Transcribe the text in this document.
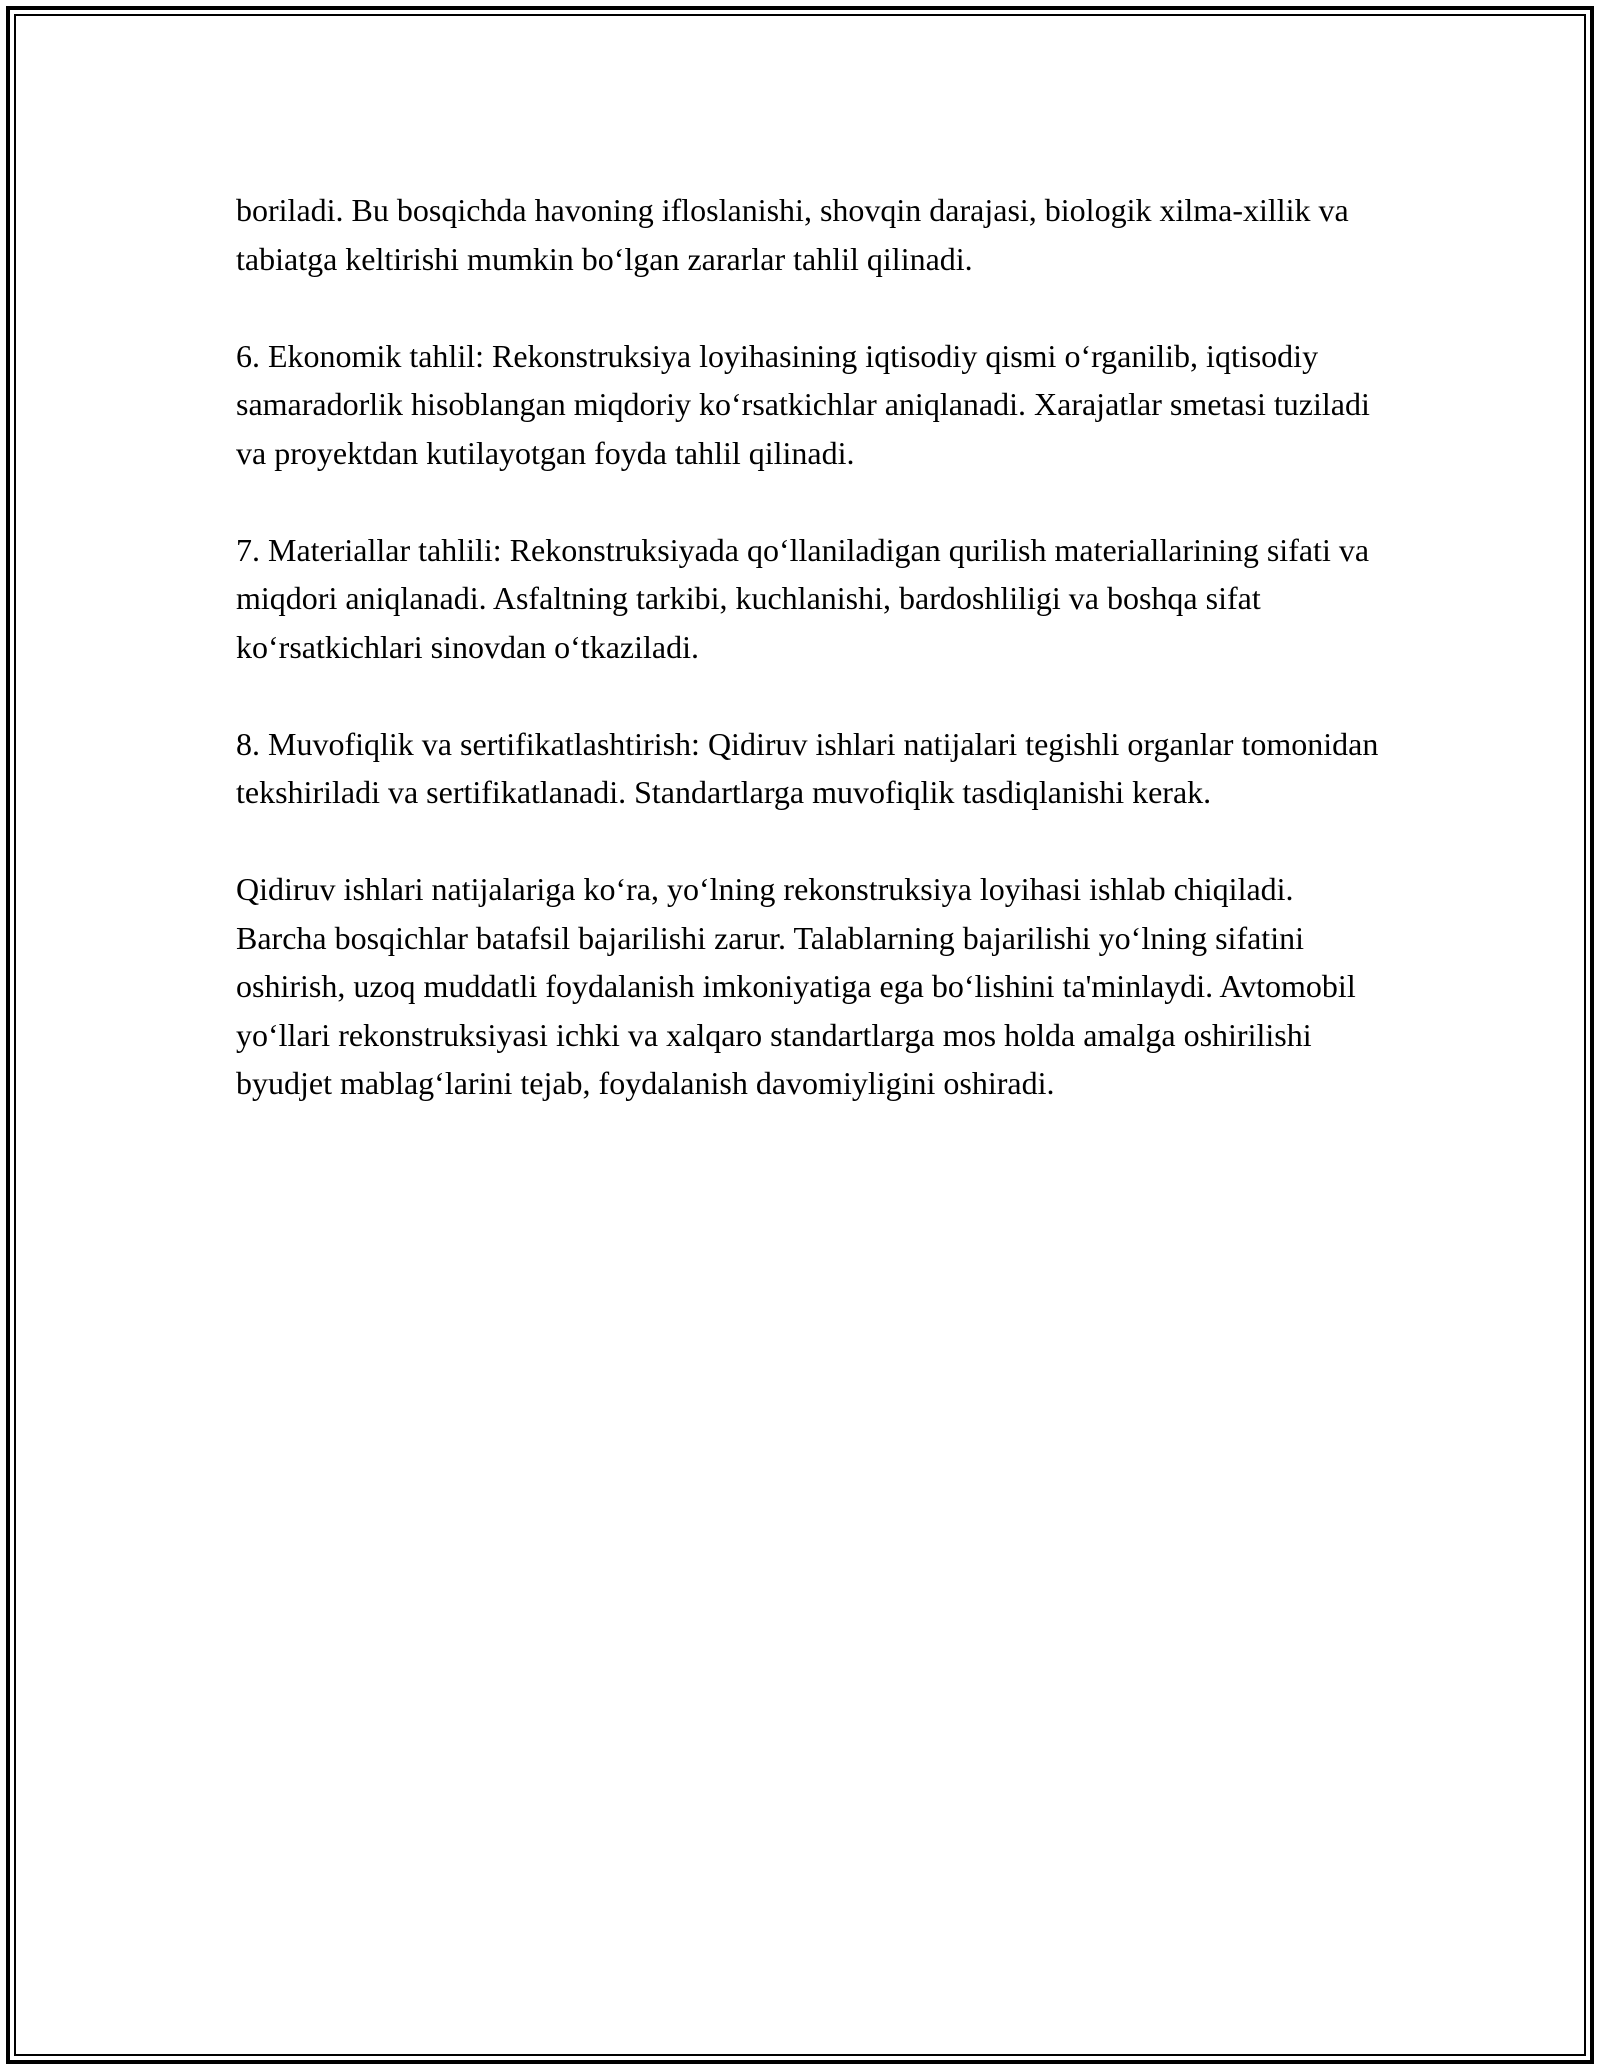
boriladi. Bu bosqichda havoning ifloslanishi, shovqin darajasi, biologik xilma-xillik va tabiatga keltirishi mumkin bo‘lgan zararlar tahlil qilinadi.

6. Ekonomik tahlil: Rekonstruksiya loyihasining iqtisodiy qismi o‘rganilib, iqtisodiy samaradorlik hisoblangan miqdoriy ko‘rsatkichlar aniqlanadi. Xarajatlar smetasi tuziladi va proyektdan kutilayotgan foyda tahlil qilinadi.

7. Materiallar tahlili: Rekonstruksiyada qo‘llaniladigan qurilish materiallarining sifati va miqdori aniqlanadi. Asfaltning tarkibi, kuchlanishi, bardoshliligi va boshqa sifat ko‘rsatkichlari sinovdan o‘tkaziladi.

8. Muvofiqlik va sertifikatlashtirish: Qidiruv ishlari natijalari tegishli organlar tomonidan tekshiriladi va sertifikatlanadi. Standartlarga muvofiqlik tasdiqlanishi kerak.

Qidiruv ishlari natijalariga ko‘ra, yo‘lning rekonstruksiya loyihasi ishlab chiqiladi. Barcha bosqichlar batafsil bajarilishi zarur. Talablarning bajarilishi yo‘lning sifatini oshirish, uzoq muddatli foydalanish imkoniyatiga ega bo‘lishini ta'minlaydi. Avtomobil yo‘llari rekonstruksiyasi ichki va xalqaro standartlarga mos holda amalga oshirilishi byudjet mablag‘larini tejab, foydalanish davomiyligini oshiradi.
